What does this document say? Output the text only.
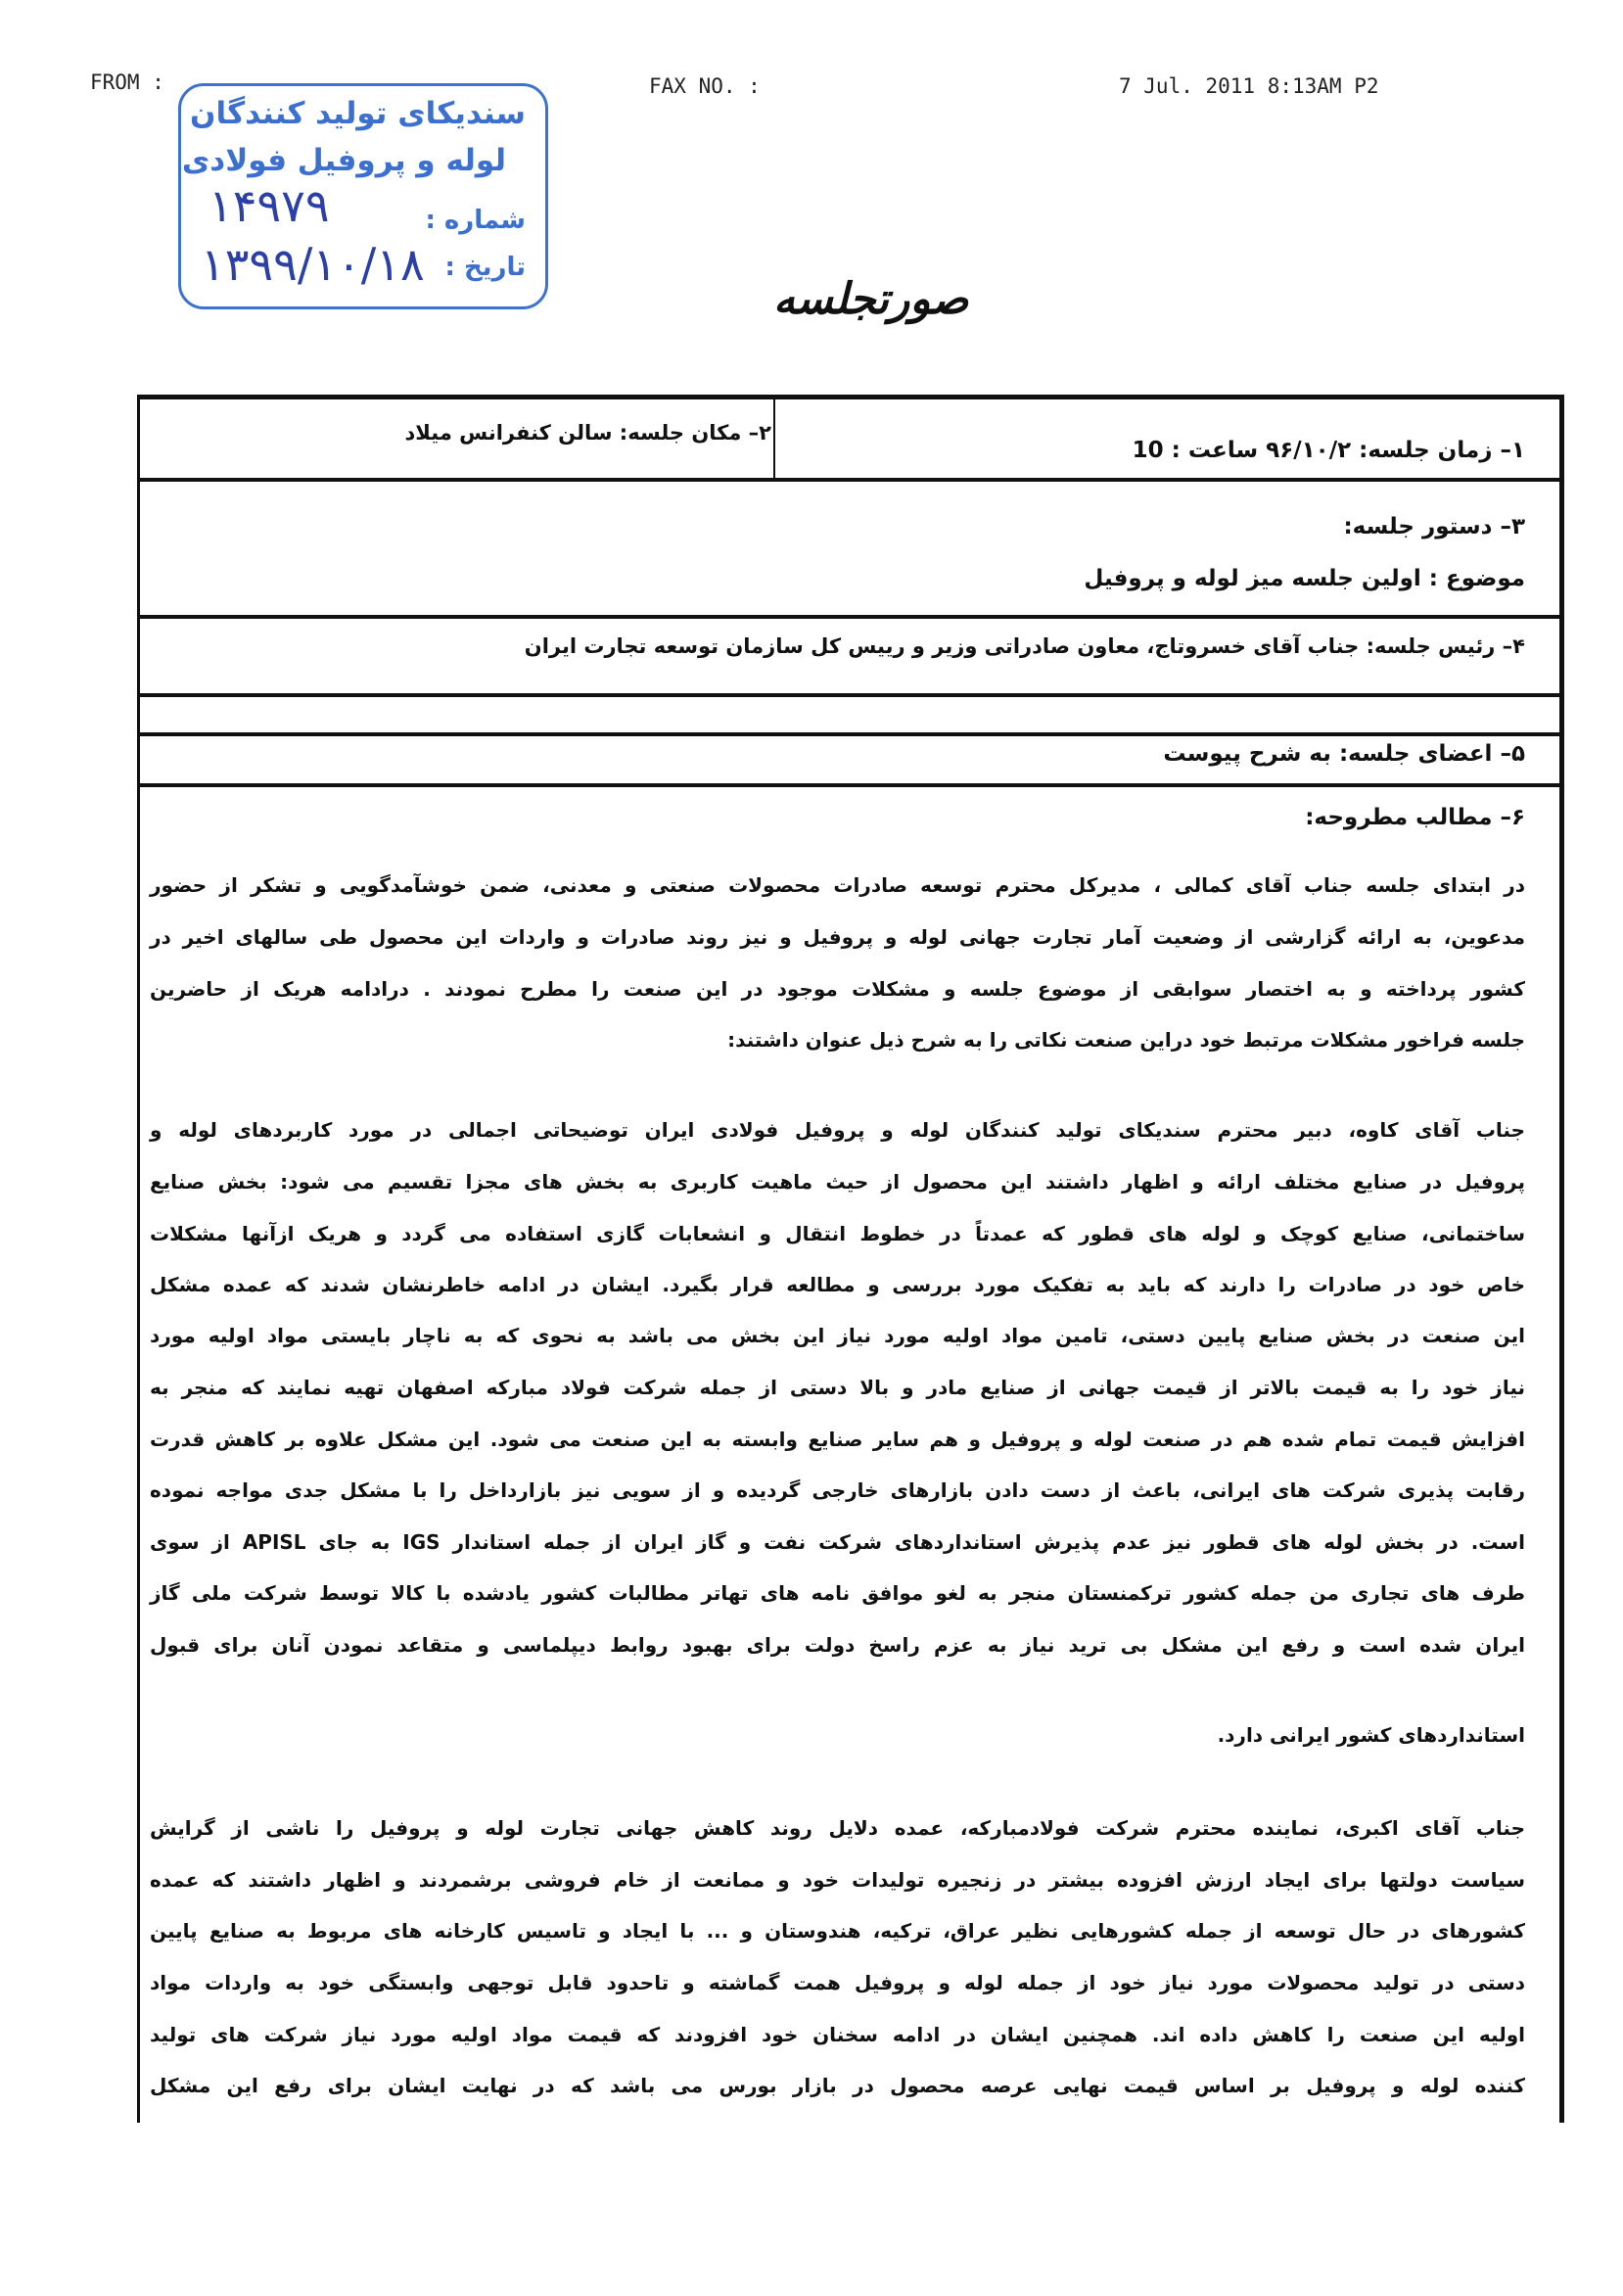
FROM :	FAX NO. :	7 Jul. 2011 8:13AM P2
سندیکای تولید کنندگان
لوله و پروفیل فولادی
شماره :
۱۴۹۷۹
تاریخ :
۱۳۹۹/۱۰/۱۸
صورتجلسه
۱– زمان جلسه: ۹۶/۱۰/۲ ساعت : 10
۲– مکان جلسه: سالن کنفرانس میلاد
۳– دستور جلسه:
موضوع : اولین جلسه میز لوله و پروفیل
۴– رئیس جلسه: جناب آقای خسروتاج، معاون صادراتی وزیر و رییس کل سازمان توسعه تجارت ایران
۵– اعضای جلسه: به شرح پیوست
۶– مطالب مطروحه:
در ابتدای جلسه جناب آقای کمالی ، مدیرکل محترم توسعه صادرات محصولات صنعتی و معدنی، ضمن خوشآمدگویی و تشکر از حضور
مدعوین، به ارائه گزارشی از وضعیت آمار تجارت جهانی لوله و پروفیل و نیز روند صادرات و واردات این محصول طی سالهای اخیر در
کشور پرداخته و به اختصار سوابقی از موضوع جلسه و مشکلات موجود در این صنعت را مطرح نمودند . درادامه هریک از حاضرین
جلسه فراخور مشکلات مرتبط خود دراین صنعت نکاتی را به شرح ذیل عنوان داشتند:
جناب آقای کاوه، دبیر محترم سندیکای تولید کنندگان لوله و پروفیل فولادی ایران توضیحاتی اجمالی در مورد کاربردهای لوله و
پروفیل در صنایع مختلف ارائه و اظهار داشتند این محصول از حیث ماهیت کاربری به بخش های مجزا تقسیم می شود: بخش صنایع
ساختمانی، صنایع کوچک و لوله های قطور که عمدتاً در خطوط انتقال و انشعابات گازی استفاده می گردد و هریک ازآنها مشکلات
خاص خود در صادرات را دارند که باید به تفکیک مورد بررسی و مطالعه قرار بگیرد. ایشان در ادامه خاطرنشان شدند که عمده مشکل
این صنعت در بخش صنایع پایین دستی، تامین مواد اولیه مورد نیاز این بخش می باشد به نحوی که به ناچار بایستی مواد اولیه مورد
نیاز خود را به قیمت بالاتر از قیمت جهانی از صنایع مادر و بالا دستی از جمله شرکت فولاد مبارکه اصفهان تهیه نمایند که منجر به
افزایش قیمت تمام شده هم در صنعت لوله و پروفیل و هم سایر صنایع وابسته به این صنعت می شود. این مشکل علاوه بر کاهش قدرت
رقابت پذیری شرکت های ایرانی، باعث از دست دادن بازارهای خارجی گردیده و از سویی نیز بازارداخل را با مشکل جدی مواجه نموده
است. در بخش لوله های قطور نیز عدم پذیرش استانداردهای شرکت نفت و گاز ایران از جمله استاندار IGS به جای APISL از سوی
طرف های تجاری من جمله کشور ترکمنستان منجر به لغو موافق نامه های تهاتر مطالبات کشور یادشده با کالا توسط شرکت ملی گاز
ایران شده است و رفع این مشکل بی ترید نیاز به عزم راسخ دولت برای بهبود روابط دیپلماسی و متقاعد نمودن آنان برای قبول
استانداردهای کشور ایرانی دارد.
جناب آقای اکبری، نماینده محترم شرکت فولادمبارکه، عمده دلایل روند کاهش جهانی تجارت لوله و پروفیل را ناشی از گرایش
سیاست دولتها برای ایجاد ارزش افزوده بیشتر در زنجیره تولیدات خود و ممانعت از خام فروشی برشمردند و اظهار داشتند که عمده
کشورهای در حال توسعه از جمله کشورهایی نظیر عراق، ترکیه، هندوستان و ... با ایجاد و تاسیس کارخانه های مربوط به صنایع پایین
دستی در تولید محصولات مورد نیاز خود از جمله لوله و پروفیل همت گماشته و تاحدود قابل توجهی وابستگی خود به واردات مواد
اولیه این صنعت را کاهش داده اند. همچنین ایشان در ادامه سخنان خود افزودند که قیمت مواد اولیه مورد نیاز شرکت های تولید
کننده لوله و پروفیل بر اساس قیمت نهایی عرصه محصول در بازار بورس می باشد که در نهایت ایشان برای رفع این مشکل
